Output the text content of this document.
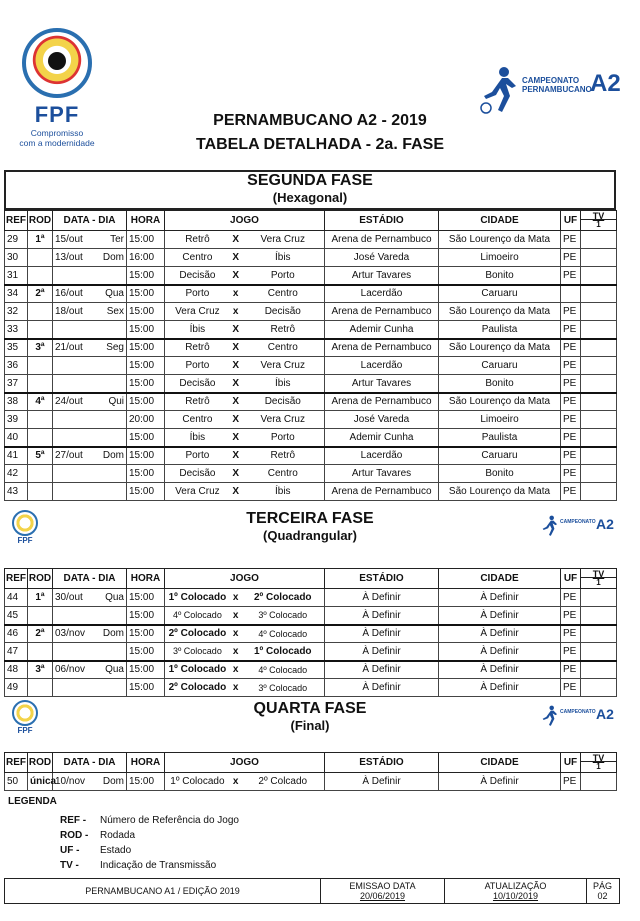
FPF
Compromisso
com a modernidade
CAMPEONATO
PERNAMBUCANO
A2
PERNAMBUCANO A2 - 2019
TABELA DETALHADA - 2a. FASE
SEGUNDA FASE
(Hexagonal)
REF	ROD	DATA - DIA	HORA	JOGO	ESTÁDIO	CIDADE	UF	TV
1

29	1ª	15/out Ter	15:00	Retrô X Vera Cruz	Arena de Pernambuco	São Lourenço da Mata	PE	
30		13/out Dom	16:00	Centro X Íbis	José Vareda	Limoeiro	PE	
31			15:00	Decisão X Porto	Artur Tavares	Bonito	PE	
34	2ª	16/out Qua	15:00	Porto x Centro	Lacerdão	Caruaru		
32		18/out Sex	15:00	Vera Cruz x Decisão	Arena de Pernambuco	São Lourenço da Mata	PE	
33			15:00	Íbis X Retrô	Ademir Cunha	Paulista	PE	
35	3ª	21/out Seg	15:00	Retrô X Centro	Arena de Pernambuco	São Lourenço da Mata	PE	
36			15:00	Porto X Vera Cruz	Lacerdão	Caruaru	PE	
37			15:00	Decisão X Íbis	Artur Tavares	Bonito	PE	
38	4ª	24/out Qui	15:00	Retrô X Decisão	Arena de Pernambuco	São Lourenço da Mata	PE	
39			20:00	Centro X Vera Cruz	José Vareda	Limoeiro	PE	
40			15:00	Íbis X Porto	Ademir Cunha	Paulista	PE	
41	5ª	27/out Dom	15:00	Porto X Retrô	Lacerdão	Caruaru	PE	
42			15:00	Decisão X Centro	Artur Tavares	Bonito	PE	
43			15:00	Vera Cruz X Íbis	Arena de Pernambuco	São Lourenço da Mata	PE	
FPF
TERCEIRA FASE
(Quadrangular)
CAMPEONATO A2
REF	ROD	DATA - DIA	HORA	JOGO	ESTÁDIO	CIDADE	UF	TV
1

44	1ª	30/out Qua	15:00	1º Colocado x 2º Colocado	À Definir	À Definir	PE	
45			15:00	4º Colocado x 3º Colocado	À Definir	À Definir	PE	
46	2ª	03/nov Dom	15:00	2º Colocado x 4º Colocado	À Definir	À Definir	PE	
47			15:00	3º Colocado x 1º Colocado	À Definir	À Definir	PE	
48	3ª	06/nov Qua	15:00	1º Colocado x 4º Colocado	À Definir	À Definir	PE	
49			15:00	2º Colocado x 3º Colocado	À Definir	À Definir	PE	
FPF
QUARTA FASE
(Final)
CAMPEONATO A2
REF	ROD	DATA - DIA	HORA	JOGO	ESTÁDIO	CIDADE	UF	TV
1

50	única	10/nov Dom	15:00	1º Colocado x 2º Colcado	À Definir	À Definir	PE	
LEGENDA
REF -	Número de Referência do Jogo
ROD -	Rodada
UF -	Estado
TV -	Indicação de Transmissão
PERNAMBUCANO A1 / EDIÇÃO 2019	EMISSAO DATA
20/06/2019
ATUALIZAÇÃO
10/10/2019
PÁG
02
